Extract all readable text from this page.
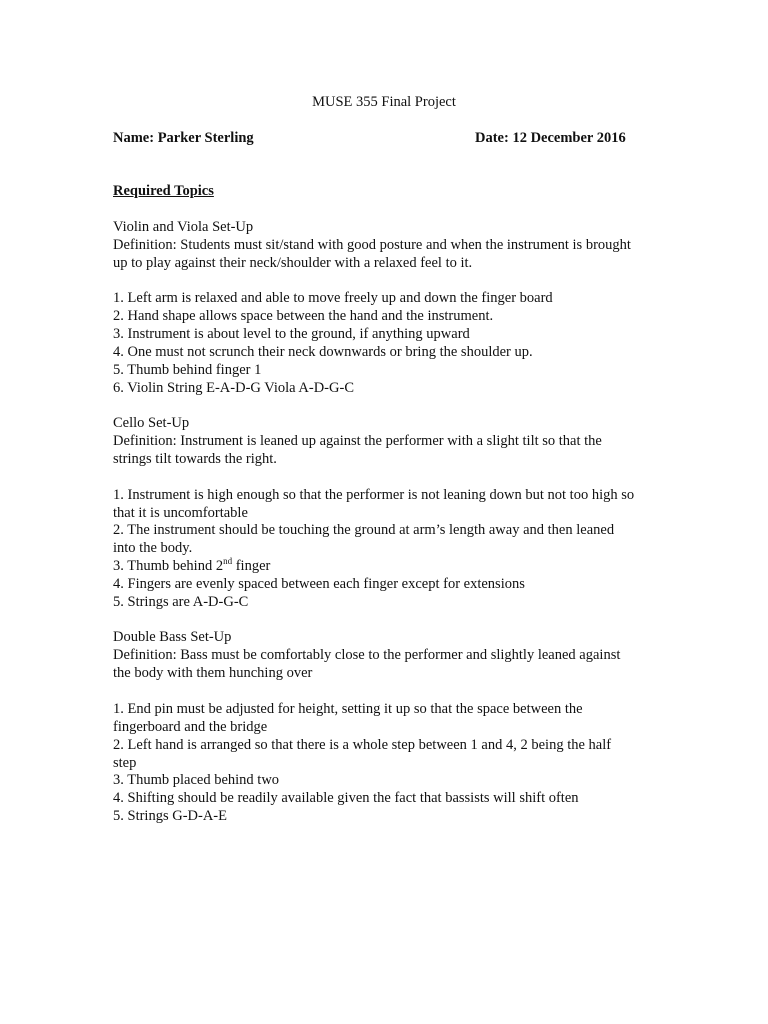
MUSE 355 Final Project
Name: Parker Sterling	Date: 12 December 2016
Required Topics
Violin and Viola Set-Up
Definition: Students must sit/stand with good posture and when the instrument is brought
up to play against their neck/shoulder with a relaxed feel to it.
1. Left arm is relaxed and able to move freely up and down the finger board
2. Hand shape allows space between the hand and the instrument.
3. Instrument is about level to the ground, if anything upward
4. One must not scrunch their neck downwards or bring the shoulder up.
5. Thumb behind finger 1
6. Violin String E-A-D-G Viola A-D-G-C
Cello Set-Up
Definition: Instrument is leaned up against the performer with a slight tilt so that the
strings tilt towards the right.
1. Instrument is high enough so that the performer is not leaning down but not too high so
that it is uncomfortable
2. The instrument should be touching the ground at arm’s length away and then leaned
into the body.
3. Thumb behind 2nd finger
4. Fingers are evenly spaced between each finger except for extensions
5. Strings are A-D-G-C
Double Bass Set-Up
Definition: Bass must be comfortably close to the performer and slightly leaned against
the body with them hunching over
1. End pin must be adjusted for height, setting it up so that the space between the
fingerboard and the bridge
2. Left hand is arranged so that there is a whole step between 1 and 4, 2 being the half
step
3. Thumb placed behind two
4. Shifting should be readily available given the fact that bassists will shift often
5. Strings G-D-A-E
